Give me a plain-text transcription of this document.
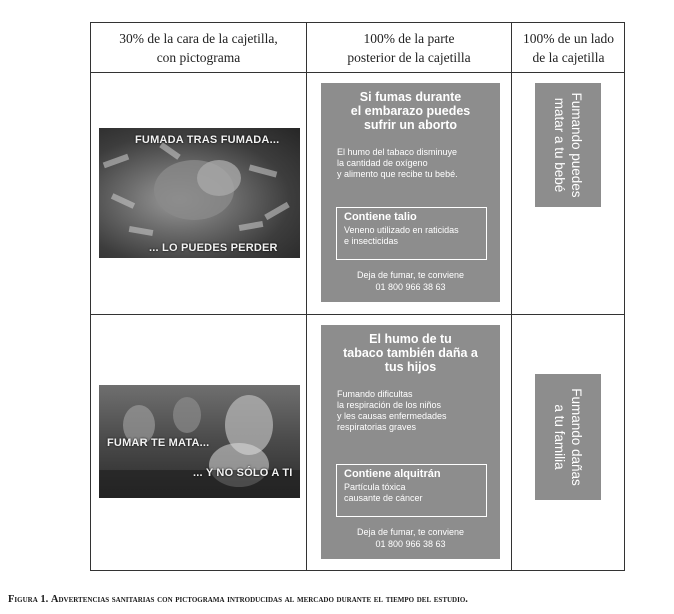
30% de la cara de la cajetilla,
con pictograma
100% de la parte
posterior de la cajetilla
100% de un lado
de la cajetilla
FUMADA TRAS FUMADA...
... LO PUEDES PERDER
Si fumas durante
el embarazo puedes
sufrir un aborto
El humo del tabaco disminuye
la cantidad de oxígeno
y alimento que recibe tu bebé.
Contiene talio
Veneno utilizado en raticidas
e insecticidas
Deja de fumar, te conviene
01 800 966 38 63
Fumando puedes
matar a tu bebé
FUMAR TE MATA...
... Y NO SÓLO A TI
El humo de tu
tabaco también daña a
tus hijos
Fumando dificultas
la respiración de los niños
y les causas enfermedades
respiratorias graves
Contiene alquitrán
Partícula tóxica
causante de cáncer
Deja de fumar, te conviene
01 800 966 38 63
Fumando dañas
a tu familia
Figura 1. Advertencias sanitarias con pictograma introducidas al mercado durante el tiempo del estudio.
